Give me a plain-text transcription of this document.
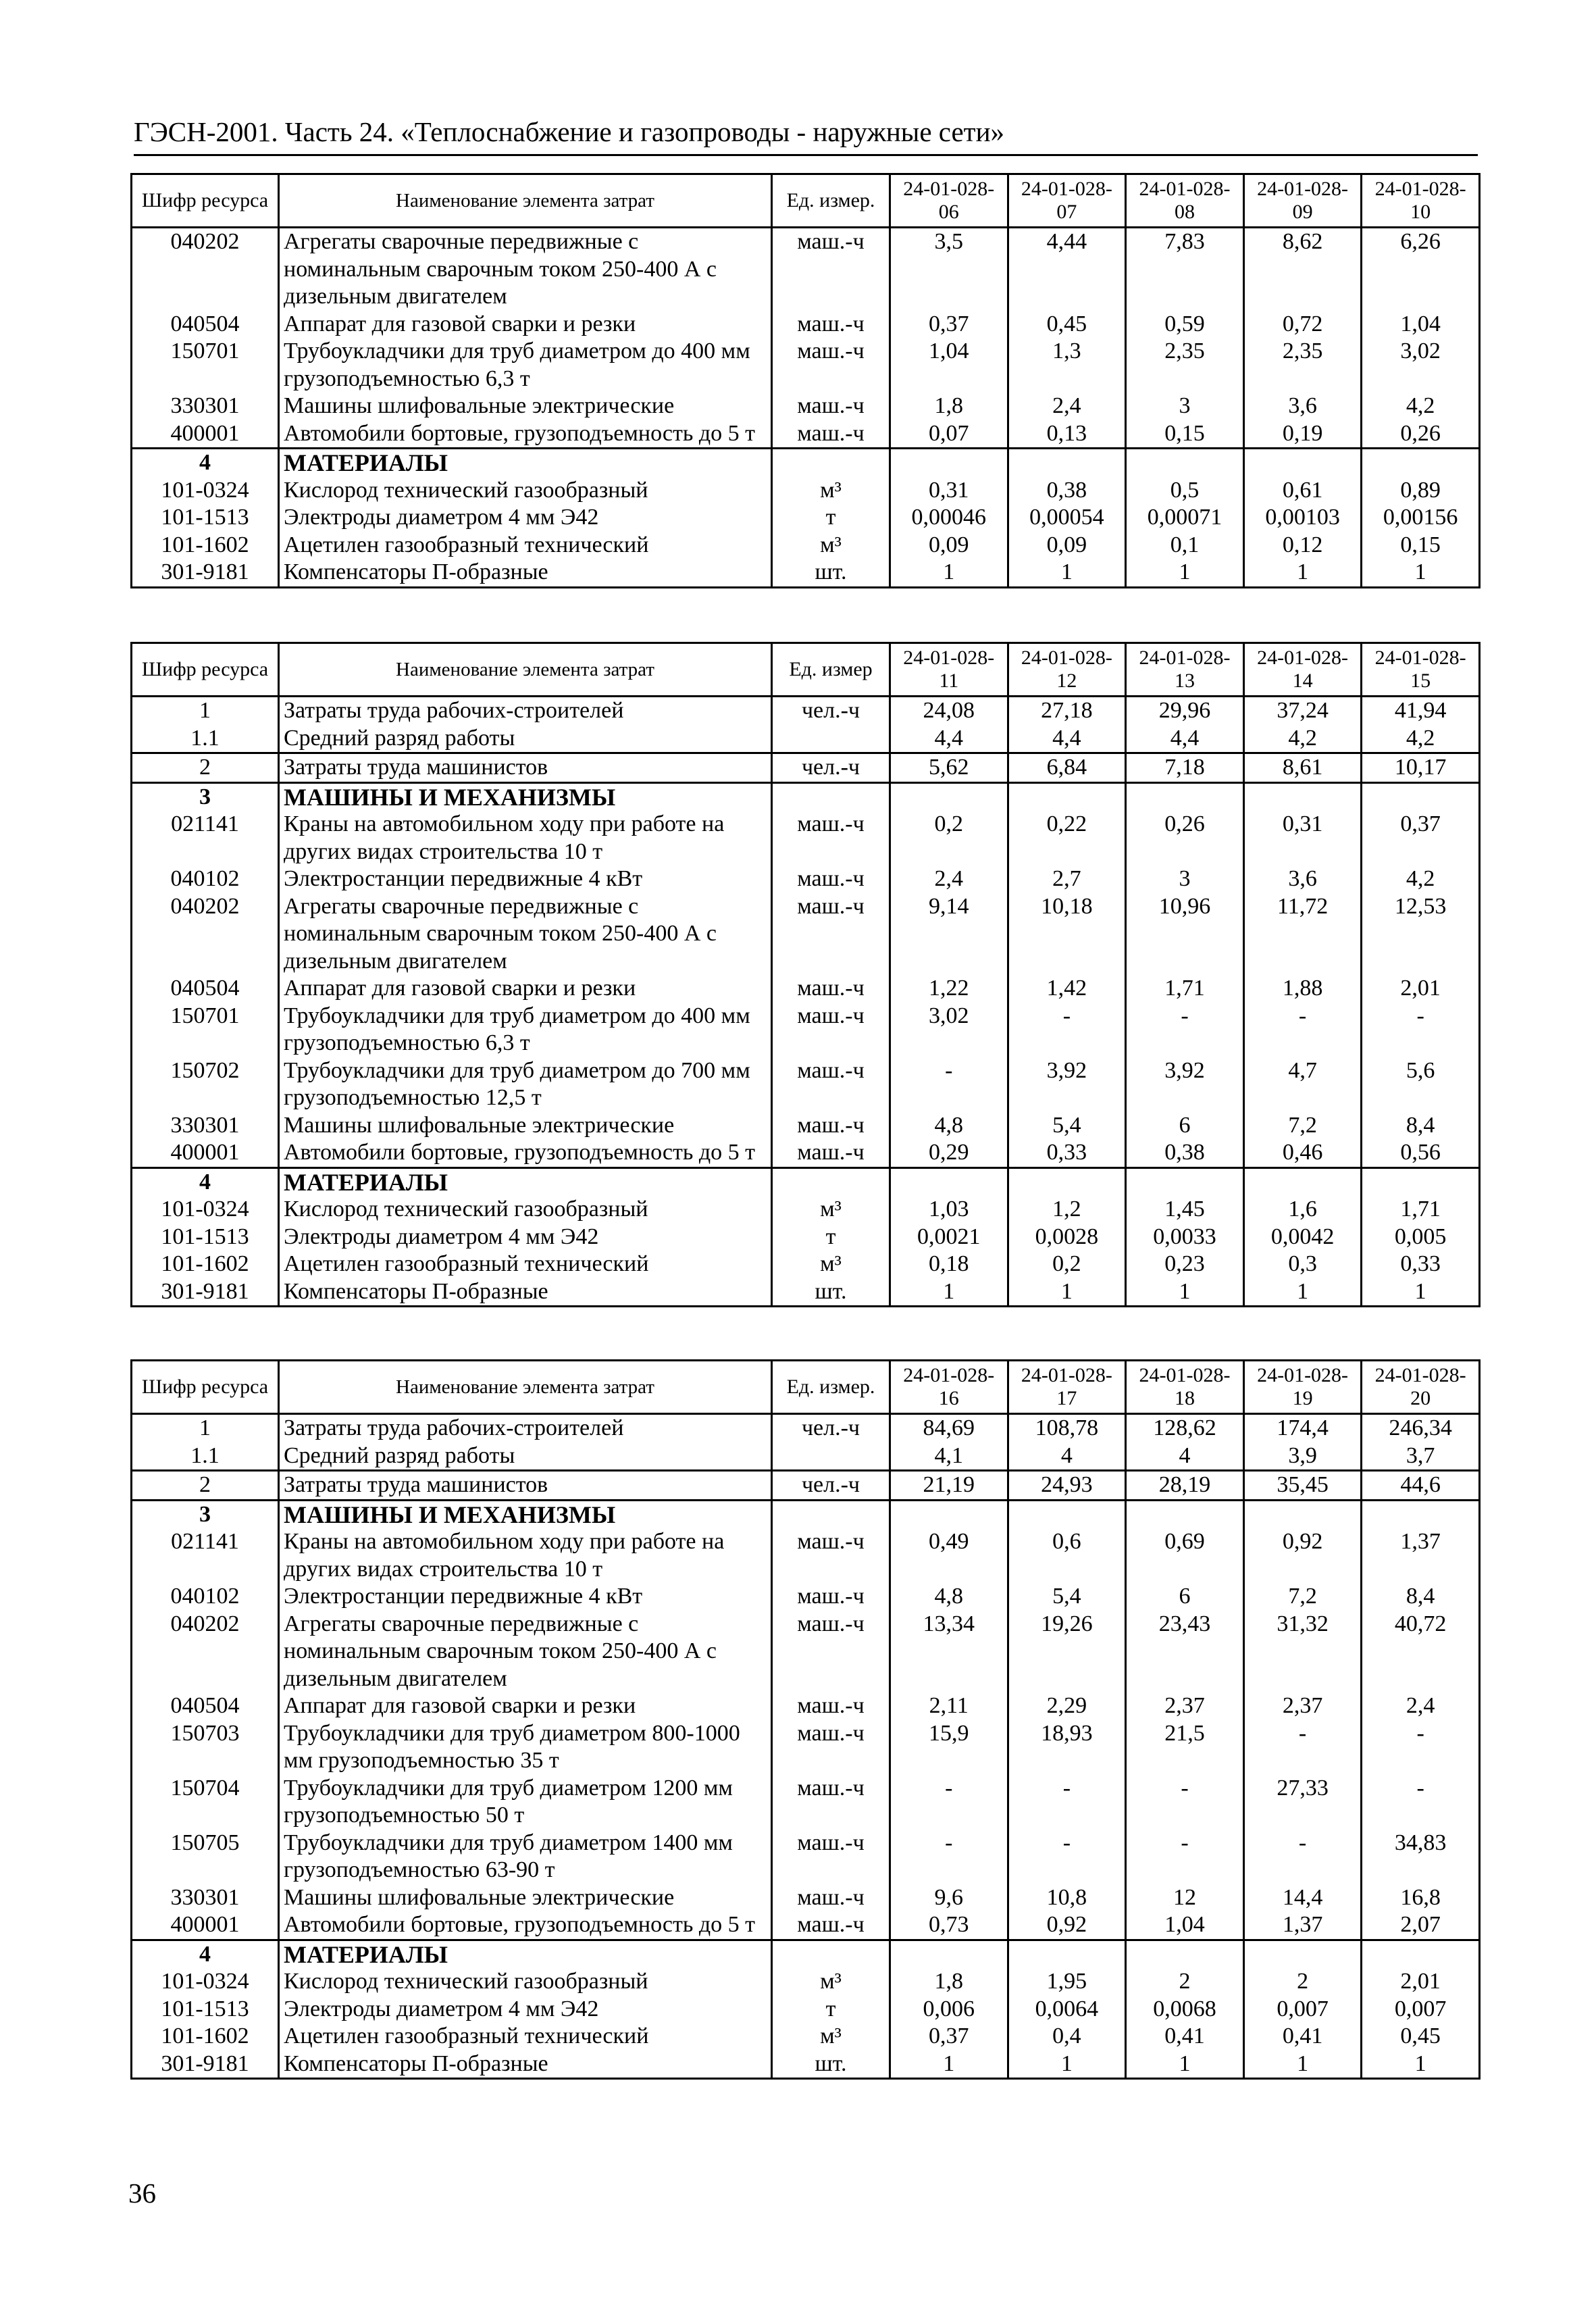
ГЭСН-2001. Часть 24. «Теплоснабжение и газопроводы - наружные сети»
Шифр ресурса	Наименование элемента затрат	Ед. измер.	24-01-028-06	24-01-028-07	24-01-028-08	24-01-028-09	24-01-028-10
040202	Агрегаты сварочные передвижные с номинальным сварочным током 250-400 А с дизельным двигателем	маш.-ч	3,5	4,44	7,83	8,62	6,26
040504	Аппарат для газовой сварки и резки	маш.-ч	0,37	0,45	0,59	0,72	1,04
150701	Трубоукладчики для труб диаметром до 400 мм грузоподъемностью 6,3 т	маш.-ч	1,04	1,3	2,35	2,35	3,02
330301	Машины шлифовальные электрические	маш.-ч	1,8	2,4	3	3,6	4,2
400001	Автомобили бортовые, грузоподъемность до 5 т	маш.-ч	0,07	0,13	0,15	0,19	0,26
4	МАТЕРИАЛЫ						
101-0324	Кислород технический газообразный	м³	0,31	0,38	0,5	0,61	0,89
101-1513	Электроды диаметром 4 мм Э42	т	0,00046	0,00054	0,00071	0,00103	0,00156
101-1602	Ацетилен газообразный технический	м³	0,09	0,09	0,1	0,12	0,15
301-9181	Компенсаторы П-образные	шт.	1	1	1	1	1
Шифр ресурса	Наименование элемента затрат	Ед. измер	24-01-028-11	24-01-028-12	24-01-028-13	24-01-028-14	24-01-028-15
1	Затраты труда рабочих-строителей	чел.-ч	24,08	27,18	29,96	37,24	41,94
1.1	Средний разряд работы		4,4	4,4	4,4	4,2	4,2
2	Затраты труда машинистов	чел.-ч	5,62	6,84	7,18	8,61	10,17
3	МАШИНЫ И МЕХАНИЗМЫ						
021141	Краны на автомобильном ходу при работе на других видах строительства 10 т	маш.-ч	0,2	0,22	0,26	0,31	0,37
040102	Электростанции передвижные 4 кВт	маш.-ч	2,4	2,7	3	3,6	4,2
040202	Агрегаты сварочные передвижные с номинальным сварочным током 250-400 А с дизельным двигателем	маш.-ч	9,14	10,18	10,96	11,72	12,53
040504	Аппарат для газовой сварки и резки	маш.-ч	1,22	1,42	1,71	1,88	2,01
150701	Трубоукладчики для труб диаметром до 400 мм грузоподъемностью 6,3 т	маш.-ч	3,02	-	-	-	-
150702	Трубоукладчики для труб диаметром до 700 мм грузоподъемностью 12,5 т	маш.-ч	-	3,92	3,92	4,7	5,6
330301	Машины шлифовальные электрические	маш.-ч	4,8	5,4	6	7,2	8,4
400001	Автомобили бортовые, грузоподъемность до 5 т	маш.-ч	0,29	0,33	0,38	0,46	0,56
4	МАТЕРИАЛЫ						
101-0324	Кислород технический газообразный	м³	1,03	1,2	1,45	1,6	1,71
101-1513	Электроды диаметром 4 мм Э42	т	0,0021	0,0028	0,0033	0,0042	0,005
101-1602	Ацетилен газообразный технический	м³	0,18	0,2	0,23	0,3	0,33
301-9181	Компенсаторы П-образные	шт.	1	1	1	1	1
Шифр ресурса	Наименование элемента затрат	Ед. измер.	24-01-028-16	24-01-028-17	24-01-028-18	24-01-028-19	24-01-028-20
1	Затраты труда рабочих-строителей	чел.-ч	84,69	108,78	128,62	174,4	246,34
1.1	Средний разряд работы		4,1	4	4	3,9	3,7
2	Затраты труда машинистов	чел.-ч	21,19	24,93	28,19	35,45	44,6
3	МАШИНЫ И МЕХАНИЗМЫ						
021141	Краны на автомобильном ходу при работе на других видах строительства 10 т	маш.-ч	0,49	0,6	0,69	0,92	1,37
040102	Электростанции передвижные 4 кВт	маш.-ч	4,8	5,4	6	7,2	8,4
040202	Агрегаты сварочные передвижные с номинальным сварочным током 250-400 А с дизельным двигателем	маш.-ч	13,34	19,26	23,43	31,32	40,72
040504	Аппарат для газовой сварки и резки	маш.-ч	2,11	2,29	2,37	2,37	2,4
150703	Трубоукладчики для труб диаметром 800-1000 мм грузоподъемностью 35 т	маш.-ч	15,9	18,93	21,5	-	-
150704	Трубоукладчики для труб диаметром 1200 мм грузоподъемностью 50 т	маш.-ч	-	-	-	27,33	-
150705	Трубоукладчики для труб диаметром 1400 мм грузоподъемностью 63-90 т	маш.-ч	-	-	-	-	34,83
330301	Машины шлифовальные электрические	маш.-ч	9,6	10,8	12	14,4	16,8
400001	Автомобили бортовые, грузоподъемность до 5 т	маш.-ч	0,73	0,92	1,04	1,37	2,07
4	МАТЕРИАЛЫ						
101-0324	Кислород технический газообразный	м³	1,8	1,95	2	2	2,01
101-1513	Электроды диаметром 4 мм Э42	т	0,006	0,0064	0,0068	0,007	0,007
101-1602	Ацетилен газообразный технический	м³	0,37	0,4	0,41	0,41	0,45
301-9181	Компенсаторы П-образные	шт.	1	1	1	1	1
36
